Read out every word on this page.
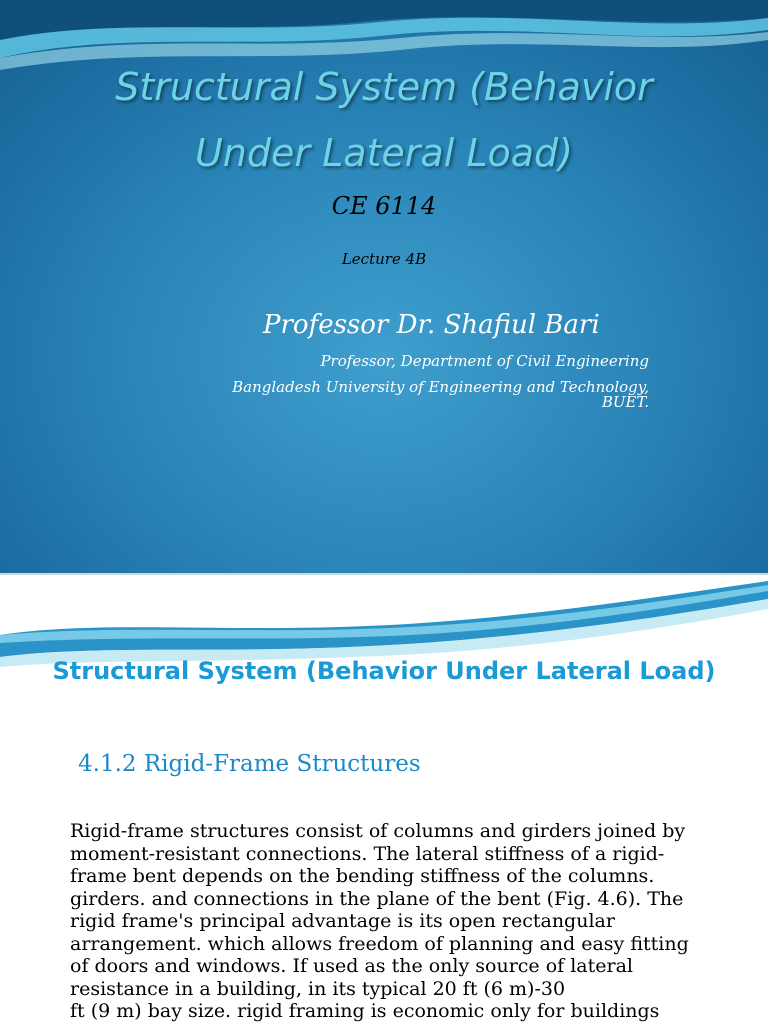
Structural System (Behavior
Under Lateral Load)
CE 6114
Lecture 4B
Professor Dr. Shafiul Bari
Professor, Department of Civil Engineering
Bangladesh University of Engineering and Technology,
BUET.
Structural System (Behavior Under Lateral Load)
4.1.2 Rigid-Frame Structures
Rigid-frame structures consist of columns and girders joined by
moment-resistant connections. The lateral stiffness of a rigid-
frame bent depends on the bending stiffness of the columns.
girders. and connections in the plane of the bent (Fig. 4.6). The
rigid frame's principal advantage is its open rectangular
arrangement. which allows freedom of planning and easy fitting
of doors and windows. If used as the only source of lateral
resistance in a building, in its typical 20 ft (6 m)-30
ft (9 m) bay size. rigid framing is economic only for buildings
